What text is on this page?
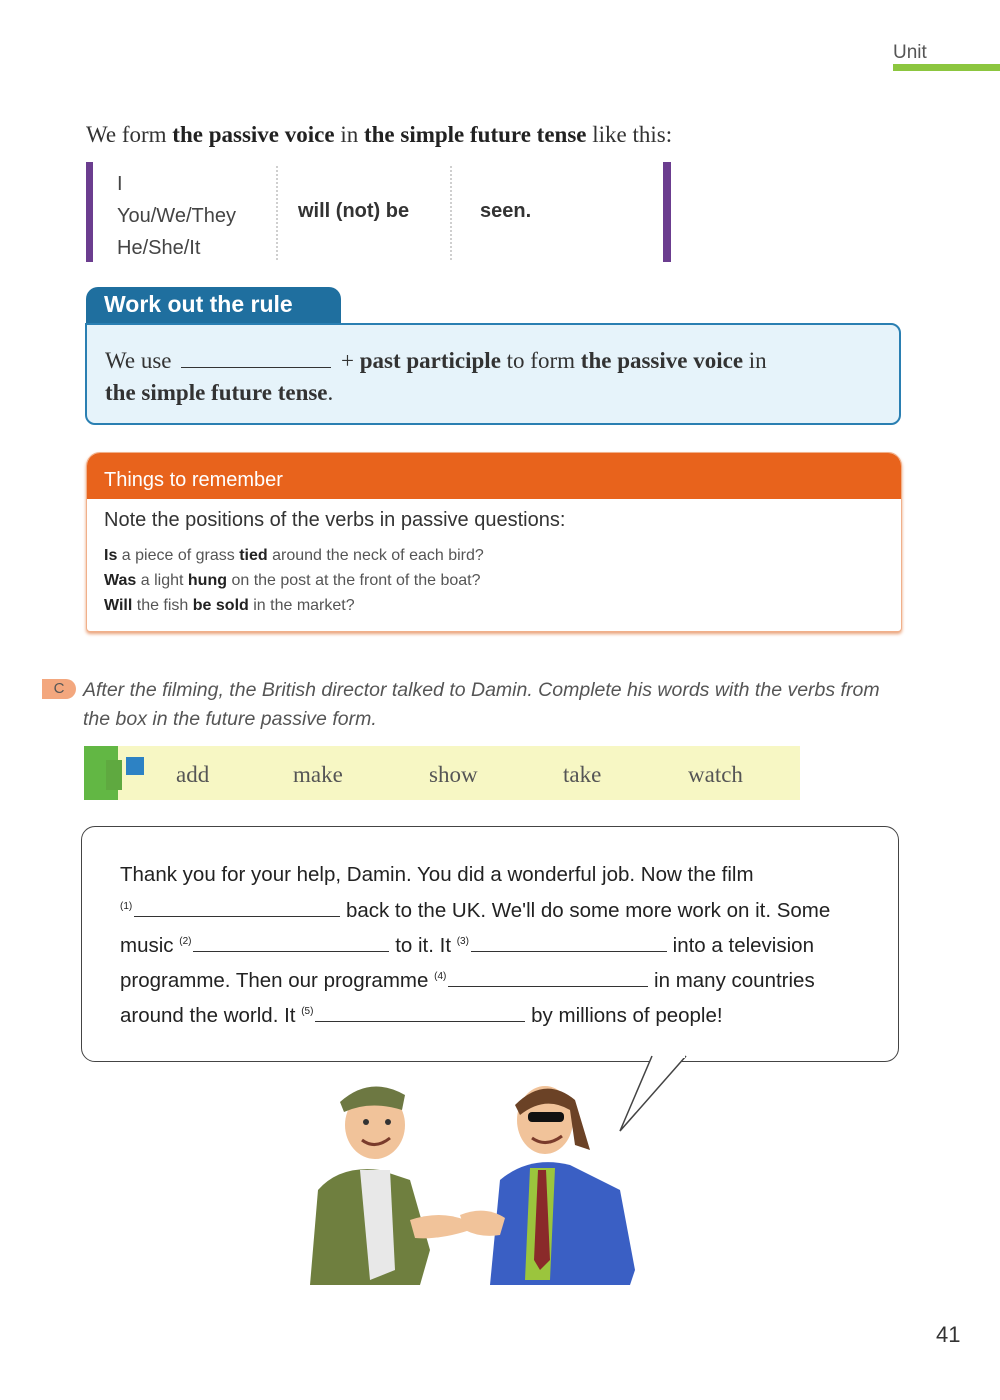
Unit
We form the passive voice in the simple future tense like this:
I
You/We/They
He/She/It
will (not) be	seen.
Work out the rule
We use	+ past participle to form the passive voice in
the simple future tense.
Things to remember
Note the positions of the verbs in passive questions:
Is a piece of grass tied around the neck of each bird?
Was a light hung on the post at the front of the boat?
Will the fish be sold in the market?
C After the filming, the British director talked to Damin. Complete his words with the verbs from the box in the future passive form.
add	make	show	take	watch
Thank you for your help, Damin. You did a wonderful job. Now the film
$^{(1)}$	back to the UK. We'll do some more work on it. Some
music $^{(2)}$	to it. It $^{(3)}$	into a television
programme. Then our programme $^{(4)}$	in many countries
around the world. It $^{(5)}$	by millions of people!
41
